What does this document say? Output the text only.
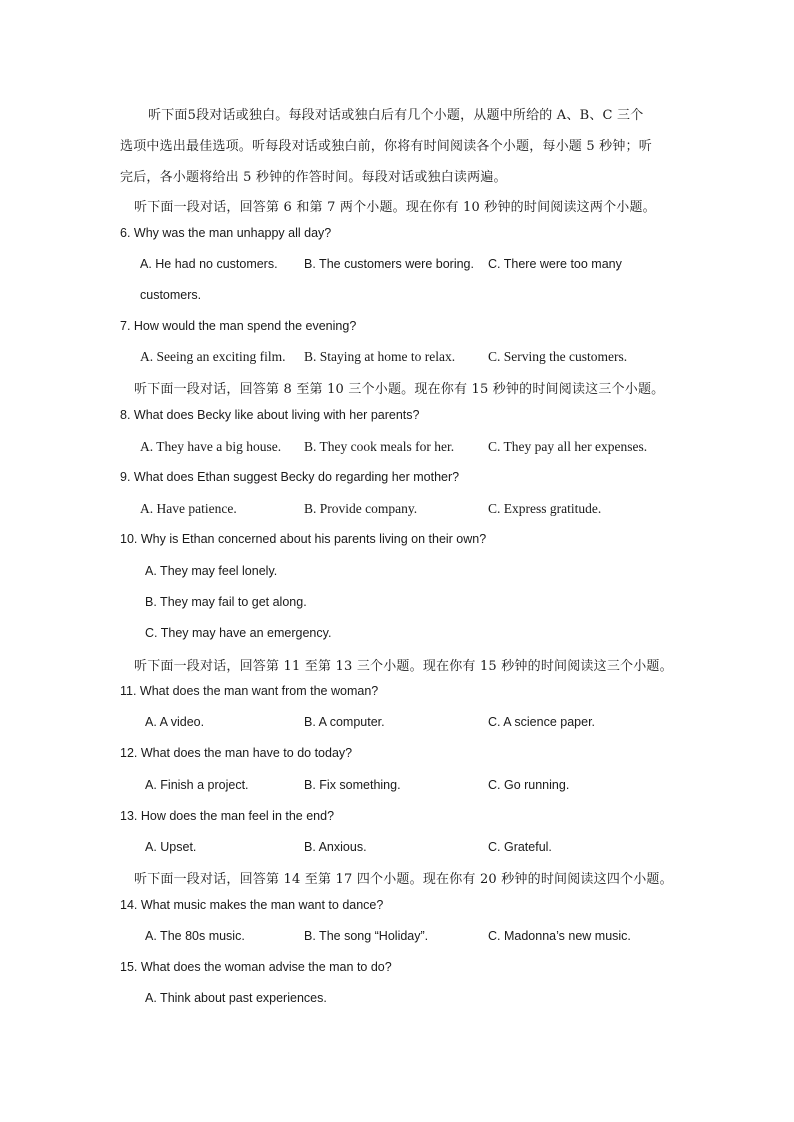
听下面5段对话或独白。每段对话或独白后有几个小题，从题中所给的 A、B、C 三个
选项中选出最佳选项。听每段对话或独白前，你将有时间阅读各个小题，每小题 5 秒钟；听
完后，各小题将给出 5 秒钟的作答时间。每段对话或独白读两遍。
听下面一段对话，回答第 6 和第 7 两个小题。现在你有 10 秒钟的时间阅读这两个小题。
6. Why was the man unhappy all day?
A. He had no customers. B. The customers were boring. C. There were too many
customers.
7. How would the man spend the evening?
A. Seeing an exciting film. B. Staying at home to relax. C. Serving the customers.
听下面一段对话，回答第 8 至第 10 三个小题。现在你有 15 秒钟的时间阅读这三个小题。
8. What does Becky like about living with her parents?
A. They have a big house. B. They cook meals for her.	C. They pay all her expenses.
9. What does Ethan suggest Becky do regarding her mother?
A. Have patience.	B. Provide company.	C. Express gratitude.
10. Why is Ethan concerned about his parents living on their own?
A. They may feel lonely.
B. They may fail to get along.
C. They may have an emergency.
听下面一段对话，回答第 11 至第 13 三个小题。现在你有 15 秒钟的时间阅读这三个小题。
11. What does the man want from the woman?
A. A video.	B. A computer.	C. A science paper.
12. What does the man have to do today?
A. Finish a project.	B. Fix something.	C. Go running.
13. How does the man feel in the end?
A. Upset.	B. Anxious.	C. Grateful.
听下面一段对话，回答第 14 至第 17 四个小题。现在你有 20 秒钟的时间阅读这四个小题。
14. What music makes the man want to dance?
A. The 80s music.	B. The song “Holiday”.	C. Madonna’s new music.
15. What does the woman advise the man to do?
A. Think about past experiences.
